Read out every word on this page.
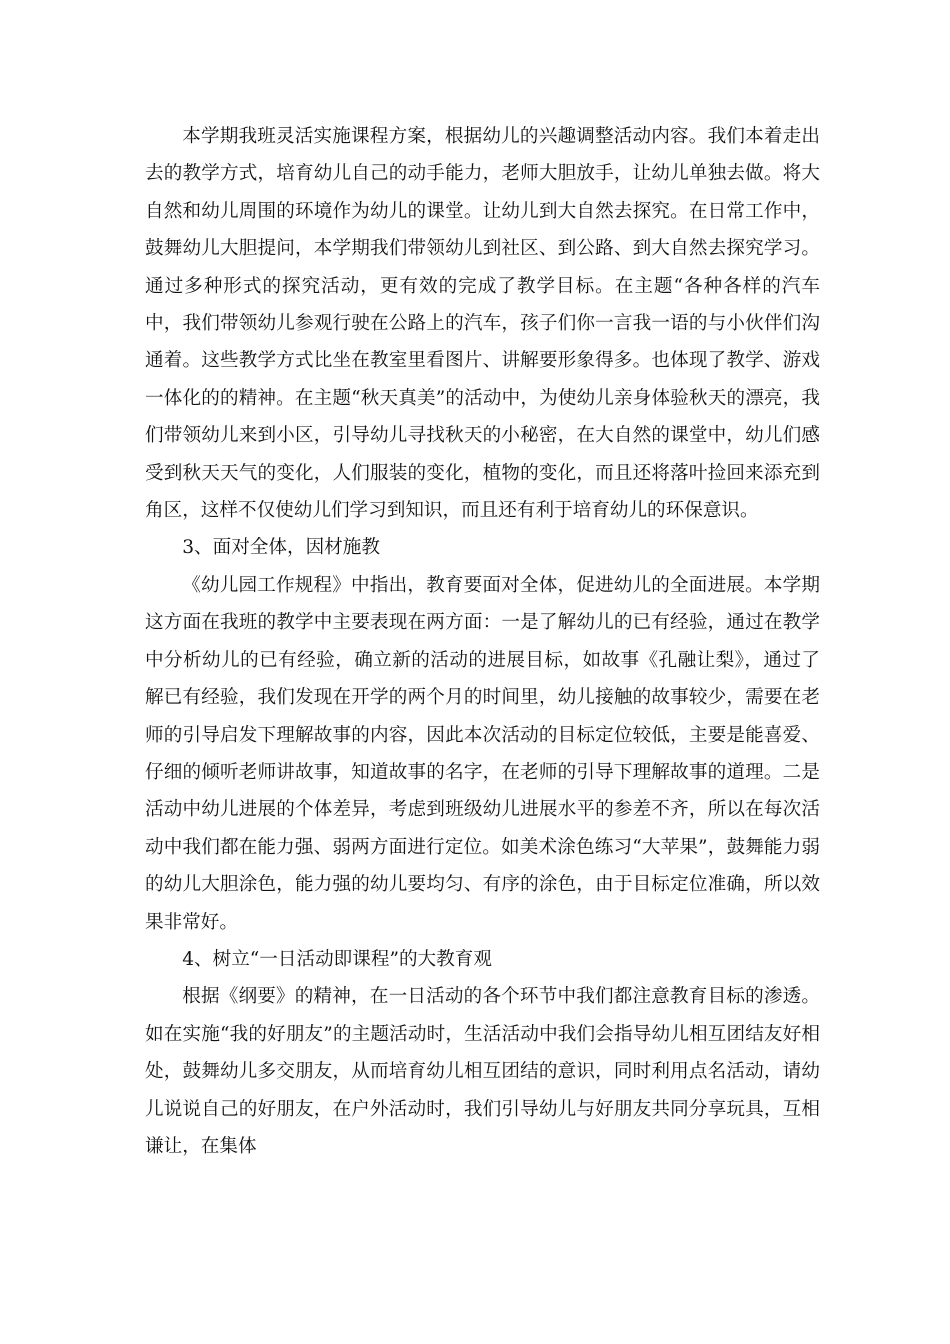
本学期我班灵活实施课程方案，根据幼儿的兴趣调整活动内容。我们本着走出去的教学方式，培育幼儿自己的动手能力，老师大胆放手，让幼儿单独去做。将大自然和幼儿周围的环境作为幼儿的课堂。让幼儿到大自然去探究。在日常工作中，鼓舞幼儿大胆提问，本学期我们带领幼儿到社区、到公路、到大自然去探究学习。通过多种形式的探究活动，更有效的完成了教学目标。在主题“各种各样的汽车中，我们带领幼儿参观行驶在公路上的汽车，孩子们你一言我一语的与小伙伴们沟通着。这些教学方式比坐在教室里看图片、讲解要形象得多。也体现了教学、游戏一体化的的精神。在主题“秋天真美”的活动中，为使幼儿亲身体验秋天的漂亮，我们带领幼儿来到小区，引导幼儿寻找秋天的小秘密，在大自然的课堂中，幼儿们感受到秋天天气的变化，人们服装的变化，植物的变化，而且还将落叶捡回来添充到角区，这样不仅使幼儿们学习到知识，而且还有利于培育幼儿的环保意识。

3、面对全体，因材施教

《幼儿园工作规程》中指出，教育要面对全体，促进幼儿的全面进展。本学期这方面在我班的教学中主要表现在两方面：一是了解幼儿的已有经验，通过在教学中分析幼儿的已有经验，确立新的活动的进展目标，如故事《孔融让梨》，通过了解已有经验，我们发现在开学的两个月的时间里，幼儿接触的故事较少，需要在老师的引导启发下理解故事的内容，因此本次活动的目标定位较低，主要是能喜爱、仔细的倾听老师讲故事，知道故事的名字，在老师的引导下理解故事的道理。二是活动中幼儿进展的个体差异，考虑到班级幼儿进展水平的参差不齐，所以在每次活动中我们都在能力强、弱两方面进行定位。如美术涂色练习“大苹果”，鼓舞能力弱的幼儿大胆涂色，能力强的幼儿要均匀、有序的涂色，由于目标定位准确，所以效果非常好。

4、树立“一日活动即课程”的大教育观

根据《纲要》的精神，在一日活动的各个环节中我们都注意教育目标的渗透。如在实施“我的好朋友”的主题活动时，生活活动中我们会指导幼儿相互团结友好相处，鼓舞幼儿多交朋友，从而培育幼儿相互团结的意识，同时利用点名活动，请幼儿说说自己的好朋友，在户外活动时，我们引导幼儿与好朋友共同分享玩具，互相谦让，在集体
